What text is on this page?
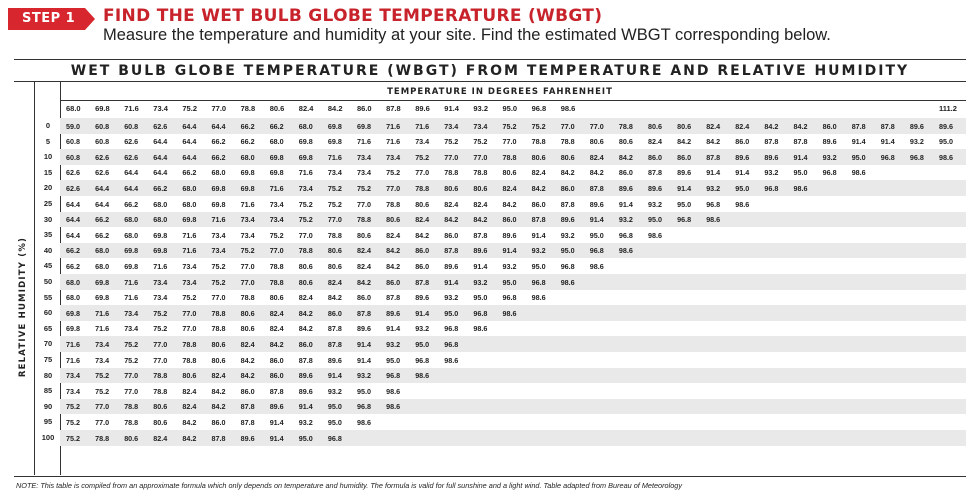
STEP 1	FIND THE WET BULB GLOBE TEMPERATURE (WBGT)
Measure the temperature and humidity at your site. Find the estimated WBGT corresponding below.
WET BULB GLOBE TEMPERATURE (WBGT) FROM TEMPERATURE AND RELATIVE HUMIDITY
TEMPERATURE IN DEGREES FAHRENHEIT
RELATIVE HUMIDITY (%)
68.0 69.8 71.6 73.4 75.2 77.0 78.8 80.6 82.4 84.2 86.0 87.8 89.6 91.4 93.2 95.0 96.8 98.6	111.2
0	59.0 60.8 60.8 62.6 64.4 64.4 66.2 66.2 68.0 69.8 69.8 71.6 71.6 73.4 73.4 75.2 75.2 77.0 77.0 78.8 80.6 80.6 82.4 82.4 84.2 84.2 86.0 87.8 87.8 89.6 89.6
5	60.8 60.8 62.6 64.4 64.4 66.2 66.2 68.0 69.8 69.8 71.6 71.6 73.4 75.2 75.2 77.0 78.8 78.8 80.6 80.6 82.4 84.2 84.2 86.0 87.8 87.8 89.6 91.4 91.4 93.2 95.0
10	60.8 62.6 62.6 64.4 64.4 66.2 68.0 69.8 69.8 71.6 73.4 73.4 75.2 77.0 77.0 78.8 80.6 80.6 82.4 84.2 86.0 86.0 87.8 89.6 89.6 91.4 93.2 95.0 96.8 96.8 98.6
15	62.6 62.6 64.4 64.4 66.2 68.0 69.8 69.8 71.6 73.4 73.4 75.2 77.0 78.8 78.8 80.6 82.4 84.2 84.2 86.0 87.8 89.6 91.4 91.4 93.2 95.0 96.8 98.6
20	62.6 64.4 64.4 66.2 68.0 69.8 69.8 71.6 73.4 75.2 75.2 77.0 78.8 80.6 80.6 82.4 84.2 86.0 87.8 89.6 89.6 91.4 93.2 95.0 96.8 98.6
25	64.4 64.4 66.2 68.0 68.0 69.8 71.6 73.4 75.2 75.2 77.0 78.8 80.6 82.4 82.4 84.2 86.0 87.8 89.6 91.4 93.2 95.0 96.8 98.6
30	64.4 66.2 68.0 68.0 69.8 71.6 73.4 73.4 75.2 77.0 78.8 80.6 82.4 84.2 84.2 86.0 87.8 89.6 91.4 93.2 95.0 96.8 98.6
35	64.4 66.2 68.0 69.8 71.6 73.4 73.4 75.2 77.0 78.8 80.6 82.4 84.2 86.0 87.8 89.6 91.4 93.2 95.0 96.8 98.6
40	66.2 68.0 69.8 69.8 71.6 73.4 75.2 77.0 78.8 80.6 82.4 84.2 86.0 87.8 89.6 91.4 93.2 95.0 96.8 98.6
45	66.2 68.0 69.8 71.6 73.4 75.2 77.0 78.8 80.6 80.6 82.4 84.2 86.0 89.6 91.4 93.2 95.0 96.8 98.6
50	68.0 69.8 71.6 73.4 73.4 75.2 77.0 78.8 80.6 82.4 84.2 86.0 87.8 91.4 93.2 95.0 96.8 98.6
55	68.0 69.8 71.6 73.4 75.2 77.0 78.8 80.6 82.4 84.2 86.0 87.8 89.6 93.2 95.0 96.8 98.6
60	69.8 71.6 73.4 75.2 77.0 78.8 80.6 82.4 84.2 86.0 87.8 89.6 91.4 95.0 96.8 98.6
65	69.8 71.6 73.4 75.2 77.0 78.8 80.6 82.4 84.2 87.8 89.6 91.4 93.2 96.8 98.6
70	71.6 73.4 75.2 77.0 78.8 80.6 82.4 84.2 86.0 87.8 91.4 93.2 95.0 96.8
75	71.6 73.4 75.2 77.0 78.8 80.6 84.2 86.0 87.8 89.6 91.4 95.0 96.8 98.6
80	73.4 75.2 77.0 78.8 80.6 82.4 84.2 86.0 89.6 91.4 93.2 96.8 98.6
85	73.4 75.2 77.0 78.8 82.4 84.2 86.0 87.8 89.6 93.2 95.0 98.6
90	75.2 77.0 78.8 80.6 82.4 84.2 87.8 89.6 91.4 95.0 96.8 98.6
95	75.2 77.0 78.8 80.6 84.2 86.0 87.8 91.4 93.2 95.0 98.6
100	75.2 78.8 80.6 82.4 84.2 87.8 89.6 91.4 95.0 96.8
NOTE: This table is compiled from an approximate formula which only depends on temperature and humidity. The formula is valid for full sunshine and a light wind. Table adapted from Bureau of Meteorology
